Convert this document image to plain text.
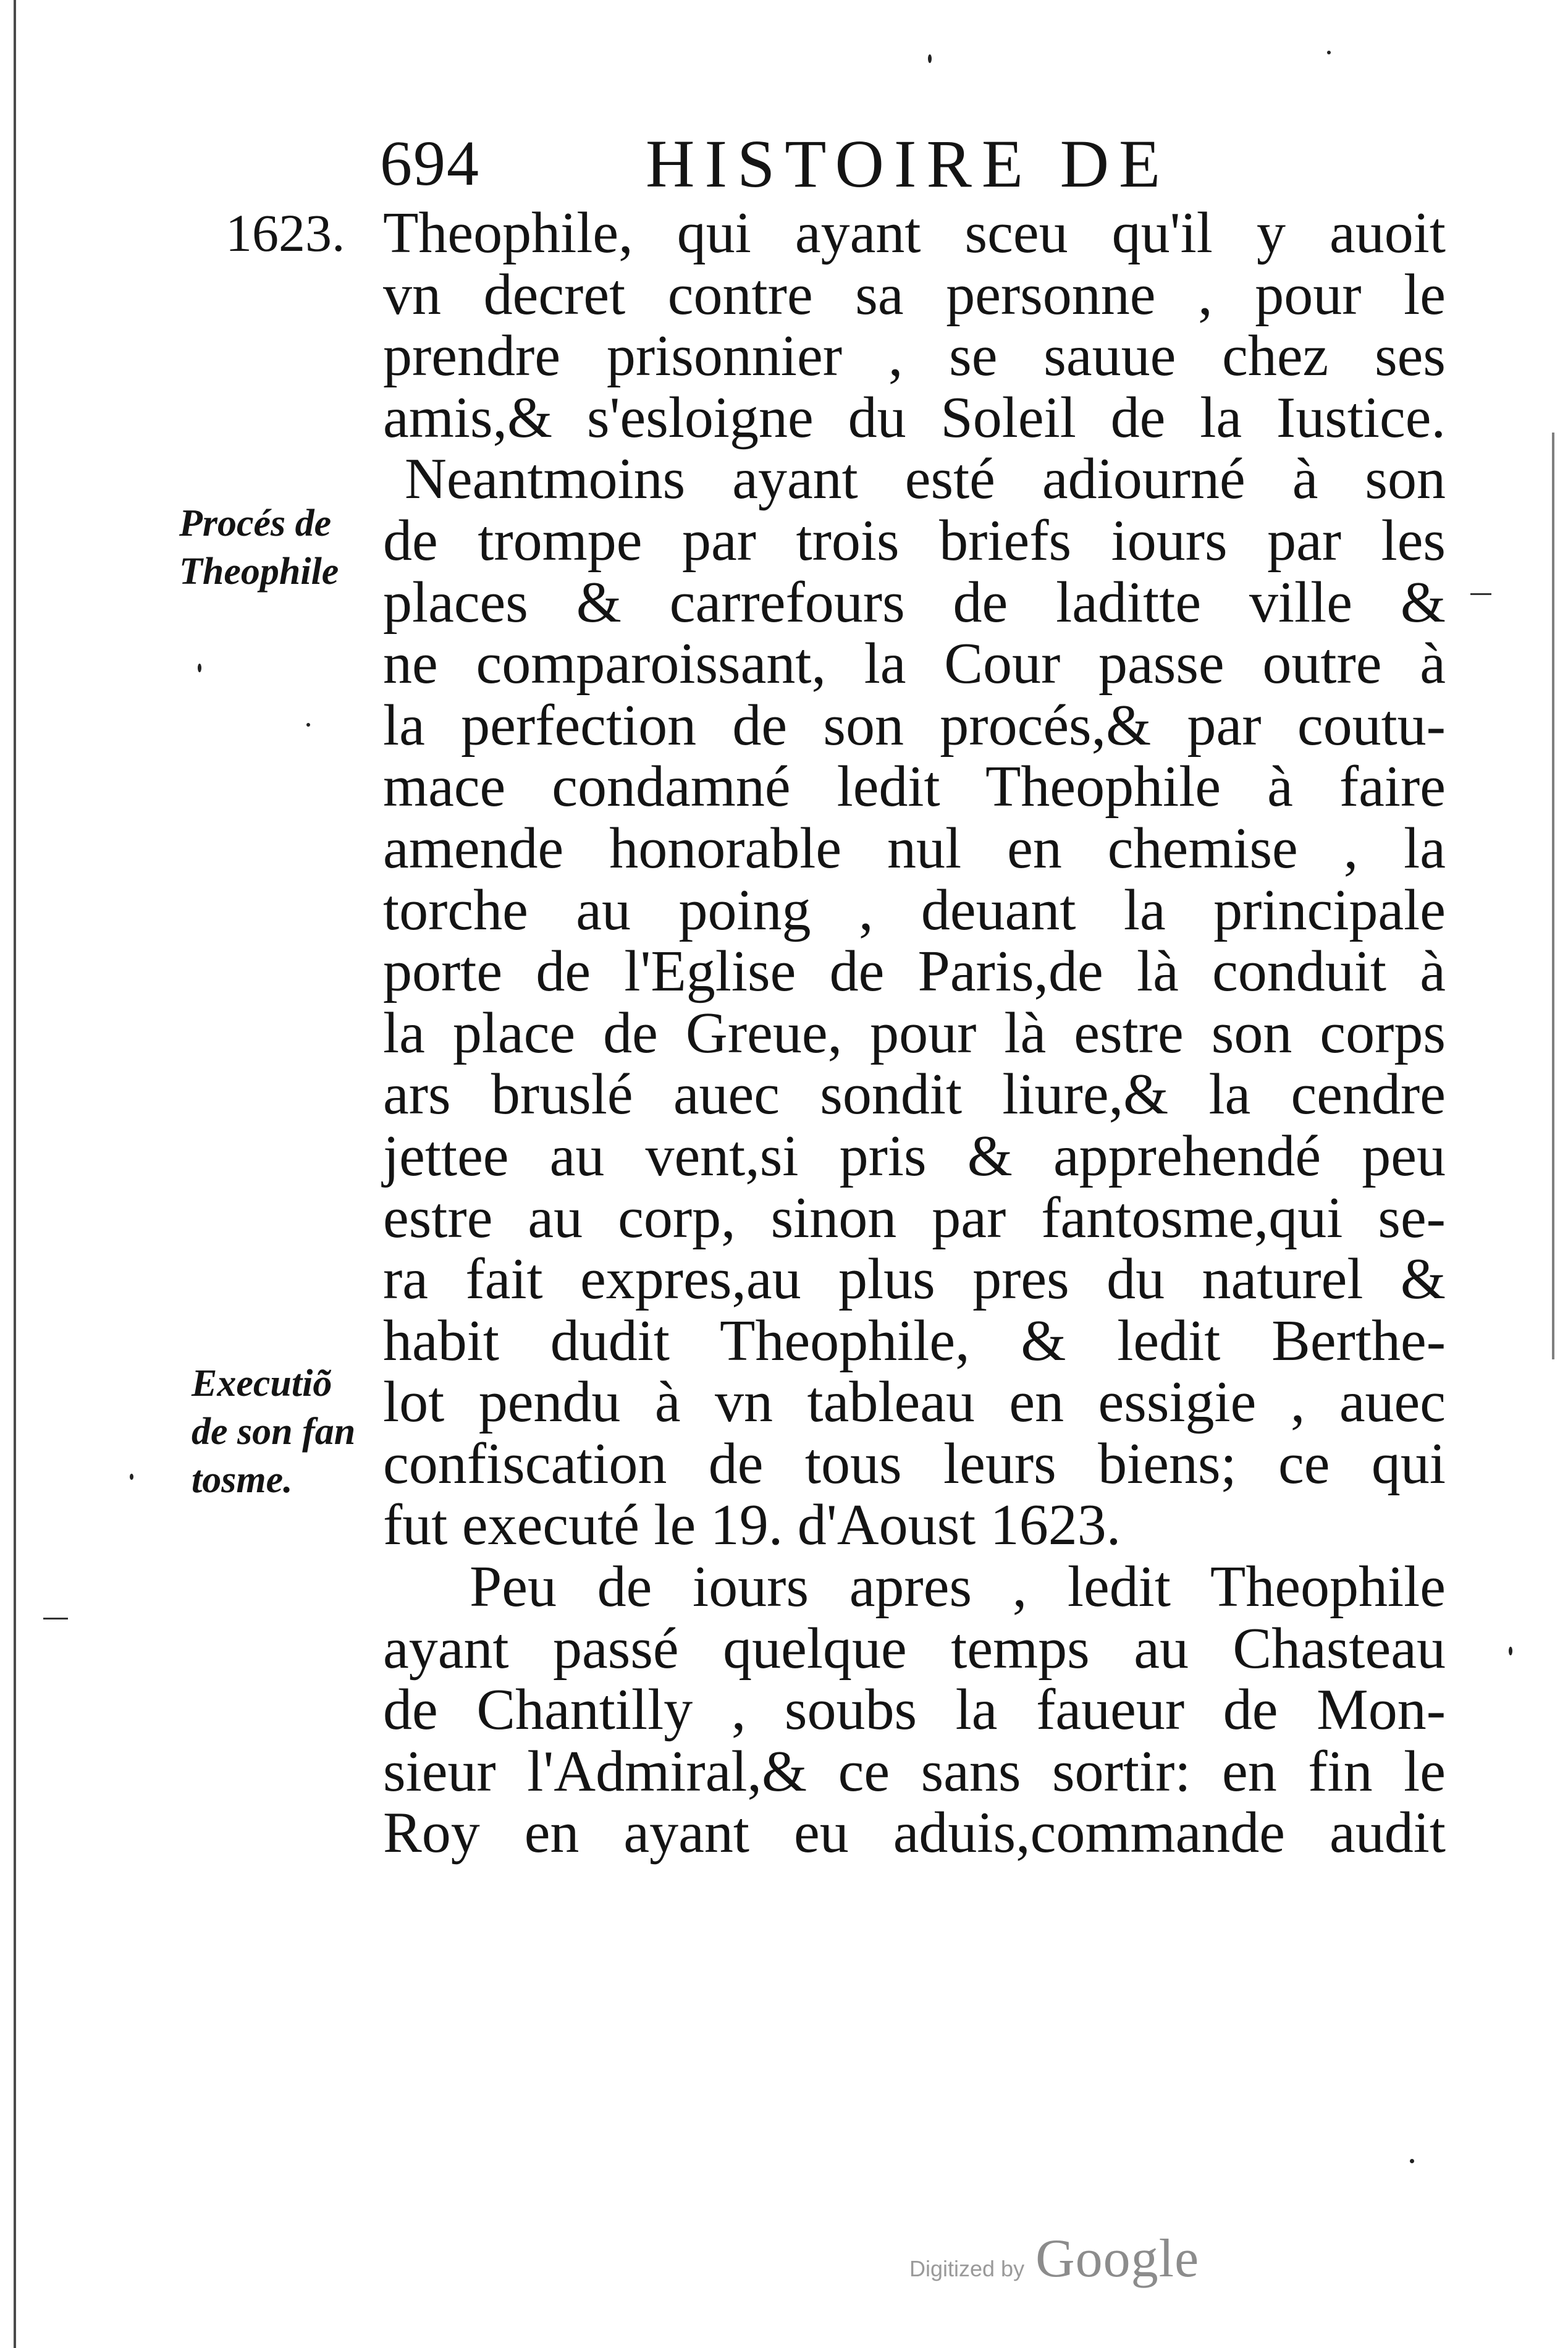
694 HISTOIRE DE
1623.
Procés de
Theophile
Executiõ
de son fan
tosme.
Theophile, qui ayant sceu qu'il y auoit
vn decret contre sa personne , pour le
prendre prisonnier , se sauue chez ses
amis,& s'esloigne du Soleil de la Iustice.
Neantmoins ayant esté adiourné à son
de trompe par trois briefs iours par les
places & carrefours de laditte ville &
ne comparoissant, la Cour passe outre à
la perfection de son procés,& par coutu-
mace condamné ledit Theophile à faire
amende honorable nul en chemise , la
torche au poing , deuant la principale
porte de l'Eglise de Paris,de là conduit à
la place de Greue, pour là estre son corps
ars bruslé auec sondit liure,& la cendre
jettee au vent,si pris & apprehendé peu
estre au corp, sinon par fantosme,qui se-
ra fait expres,au plus pres du naturel &
habit dudit Theophile, & ledit Berthe-
lot pendu à vn tableau en essigie , auec
confiscation de tous leurs biens; ce qui
fut executé le 19. d'Aoust 1623.
Peu de iours apres , ledit Theophile
ayant passé quelque temps au Chasteau
de Chantilly , soubs la faueur de Mon-
sieur l'Admiral,& ce sans sortir: en fin le
Roy en ayant eu aduis,commande audit
Digitized by Google
